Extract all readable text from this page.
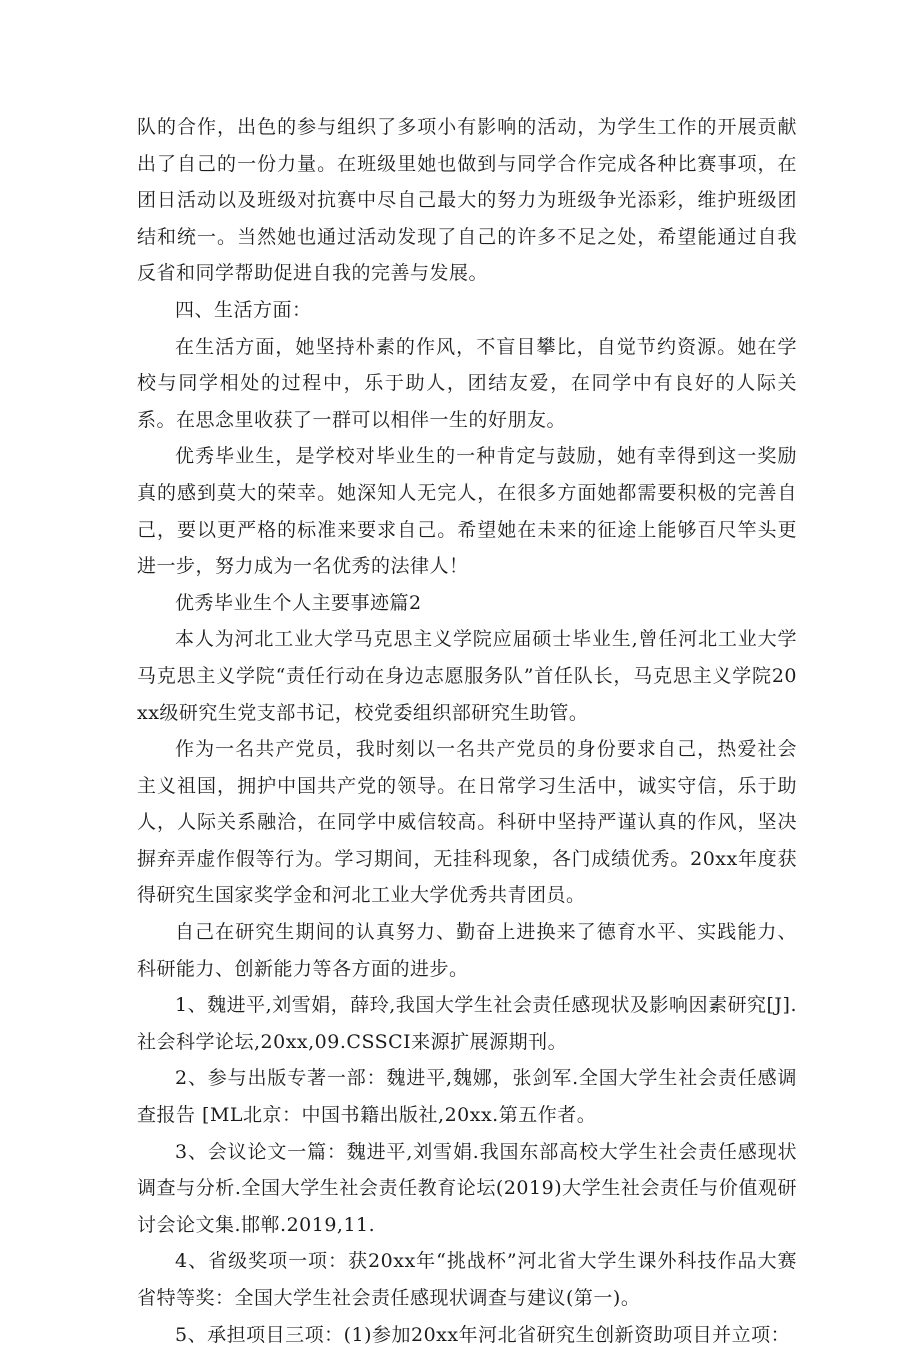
队的合作，出色的参与组织了多项小有影响的活动，为学生工作的开展贡献出了自己的一份力量。在班级里她也做到与同学合作完成各种比赛事项，在团日活动以及班级对抗赛中尽自己最大的努力为班级争光添彩，维护班级团结和统一。当然她也通过活动发现了自己的许多不足之处，希望能通过自我反省和同学帮助促进自我的完善与发展。

四、生活方面：

在生活方面，她坚持朴素的作风，不盲目攀比，自觉节约资源。她在学校与同学相处的过程中，乐于助人，团结友爱，在同学中有良好的人际关系。在思念里收获了一群可以相伴一生的好朋友。

优秀毕业生，是学校对毕业生的一种肯定与鼓励，她有幸得到这一奖励真的感到莫大的荣幸。她深知人无完人，在很多方面她都需要积极的完善自己，要以更严格的标准来要求自己。希望她在未来的征途上能够百尺竿头更进一步，努力成为一名优秀的法律人！

优秀毕业生个人主要事迹篇2

本人为河北工业大学马克思主义学院应届硕士毕业生,曾任河北工业大学马克思主义学院“责任行动在身边志愿服务队”首任队长，马克思主义学院20xx级研究生党支部书记，校党委组织部研究生助管。

作为一名共产党员，我时刻以一名共产党员的身份要求自己，热爱社会主义祖国，拥护中国共产党的领导。在日常学习生活中，诚实守信，乐于助人，人际关系融洽，在同学中威信较高。科研中坚持严谨认真的作风，坚决摒弃弄虚作假等行为。学习期间，无挂科现象，各门成绩优秀。20xx年度获得研究生国家奖学金和河北工业大学优秀共青团员。

自己在研究生期间的认真努力、勤奋上进换来了德育水平、实践能力、科研能力、创新能力等各方面的进步。

1、魏进平,刘雪娟，薛玲,我国大学生社会责任感现状及影响因素研究[J].社会科学论坛,20xx,09.CSSCI来源扩展源期刊。

2、参与出版专著一部：魏进平,魏娜，张剑军.全国大学生社会责任感调查报告 [ML北京：中国书籍出版社,20xx.第五作者。

3、会议论文一篇：魏进平,刘雪娟.我国东部高校大学生社会责任感现状调查与分析.全国大学生社会责任教育论坛(2019)大学生社会责任与价值观研讨会论文集.邯郸.2019,11.

4、省级奖项一项：获20xx年“挑战杯”河北省大学生课外科技作品大赛省特等奖：全国大学生社会责任感现状调查与建议(第一)。

5、承担项目三项：(1)参加20xx年河北省研究生创新资助项目并立项：
